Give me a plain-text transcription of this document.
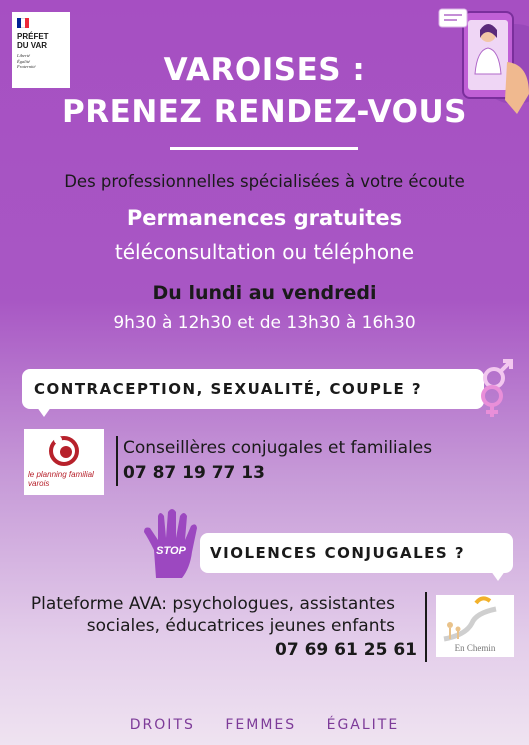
PRÉFET
DU VAR
Liberté
Égalité
Fraternité	VAROISES :
PRENEZ RENDEZ-VOUS
Des professionnelles spécialisées à votre écoute
Permanences gratuites
téléconsultation ou téléphone
Du lundi au vendredi
9h30 à 12h30 et de 13h30 à 16h30
CONTRACEPTION, SEXUALITÉ, COUPLE ?
le planning familial varois
Conseillères conjugales et familiales
07 87 19 77 13
STOP	VIOLENCES CONJUGALES ?
Plateforme AVA: psychologues, assistantes
sociales, éducatrices jeunes enfants
07 69 61 25 61	En Chemin
DROITS FEMMES ÉGALITE
